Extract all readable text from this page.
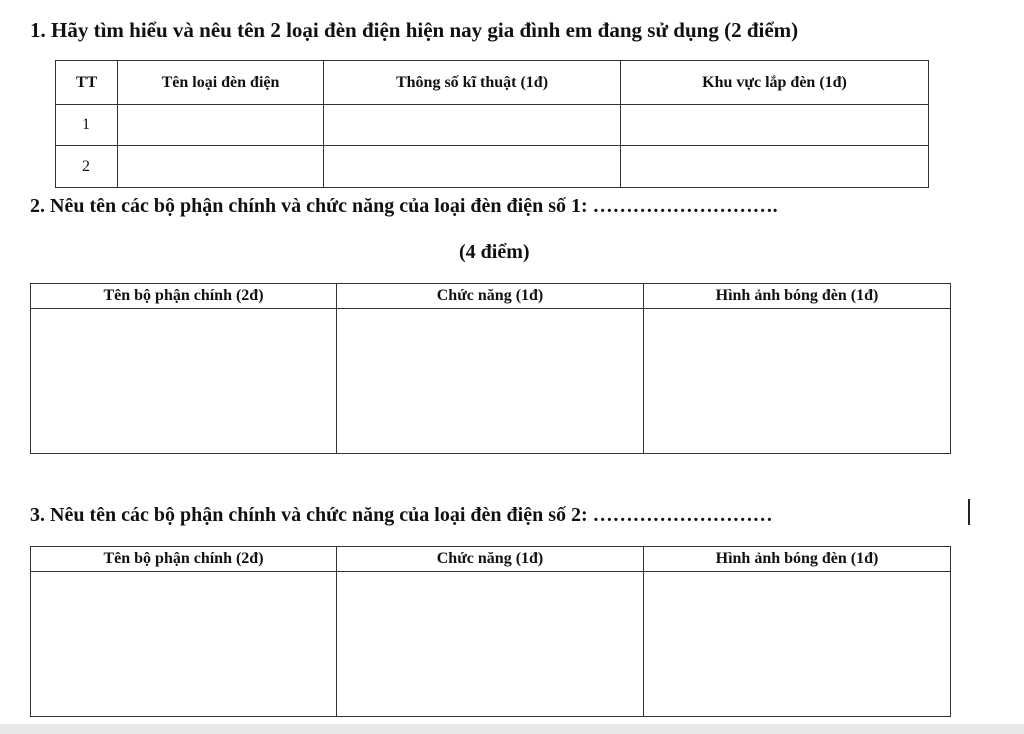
1. Hãy tìm hiểu và nêu tên 2 loại đèn điện hiện nay gia đình em đang sử dụng (2 điểm)
TT	Tên loại đèn điện	Thông số kĩ thuật (1đ)	Khu vực lắp đèn (1đ)
1			
2			
2. Nêu tên các bộ phận chính và chức năng của loại đèn điện số 1: ……………………….
(4 điểm)
Tên bộ phận chính (2đ)	Chức năng (1đ)	Hình ảnh bóng đèn (1đ)

3. Nêu tên các bộ phận chính và chức năng của loại đèn điện số 2: ………………………
Tên bộ phận chính (2đ)	Chức năng (1đ)	Hình ảnh bóng đèn (1đ)
